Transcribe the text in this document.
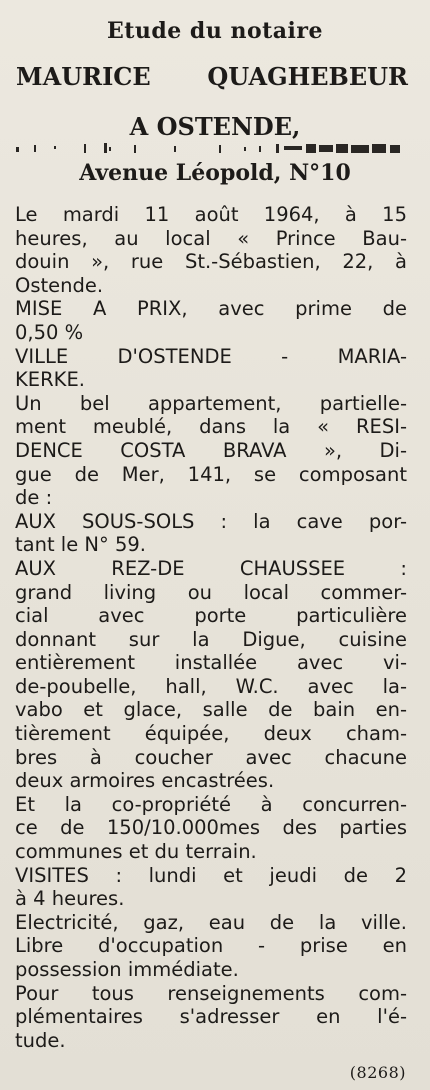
Etude du notaire
MAURICE QUAGHEBEUR
A OSTENDE,
Avenue Léopold, N°10
Le mardi 11 août 1964, à 15
heures, au local « Prince Bau-
douin », rue St.-Sébastien, 22, à
Ostende.
MISE A PRIX, avec prime de
0,50 %
VILLE D'OSTENDE - MARIA-
KERKE.
Un bel appartement, partielle-
ment meublé, dans la « RESI-
DENCE COSTA BRAVA », Di-
gue de Mer, 141, se composant
de :
AUX SOUS-SOLS : la cave por-
tant le N° 59.
AUX REZ-DE CHAUSSEE :
grand living ou local commer-
cial avec porte particulière
donnant sur la Digue, cuisine
entièrement installée avec vi-
de-poubelle, hall, W.C. avec la-
vabo et glace, salle de bain en-
tièrement équipée, deux cham-
bres à coucher avec chacune
deux armoires encastrées.
Et la co-propriété à concurren-
ce de 150/10.000mes des parties
communes et du terrain.
VISITES : lundi et jeudi de 2
à 4 heures.
Electricité, gaz, eau de la ville.
Libre d'occupation - prise en
possession immédiate.
Pour tous renseignements com-
plémentaires s'adresser en l'é-
tude.
(8268)
